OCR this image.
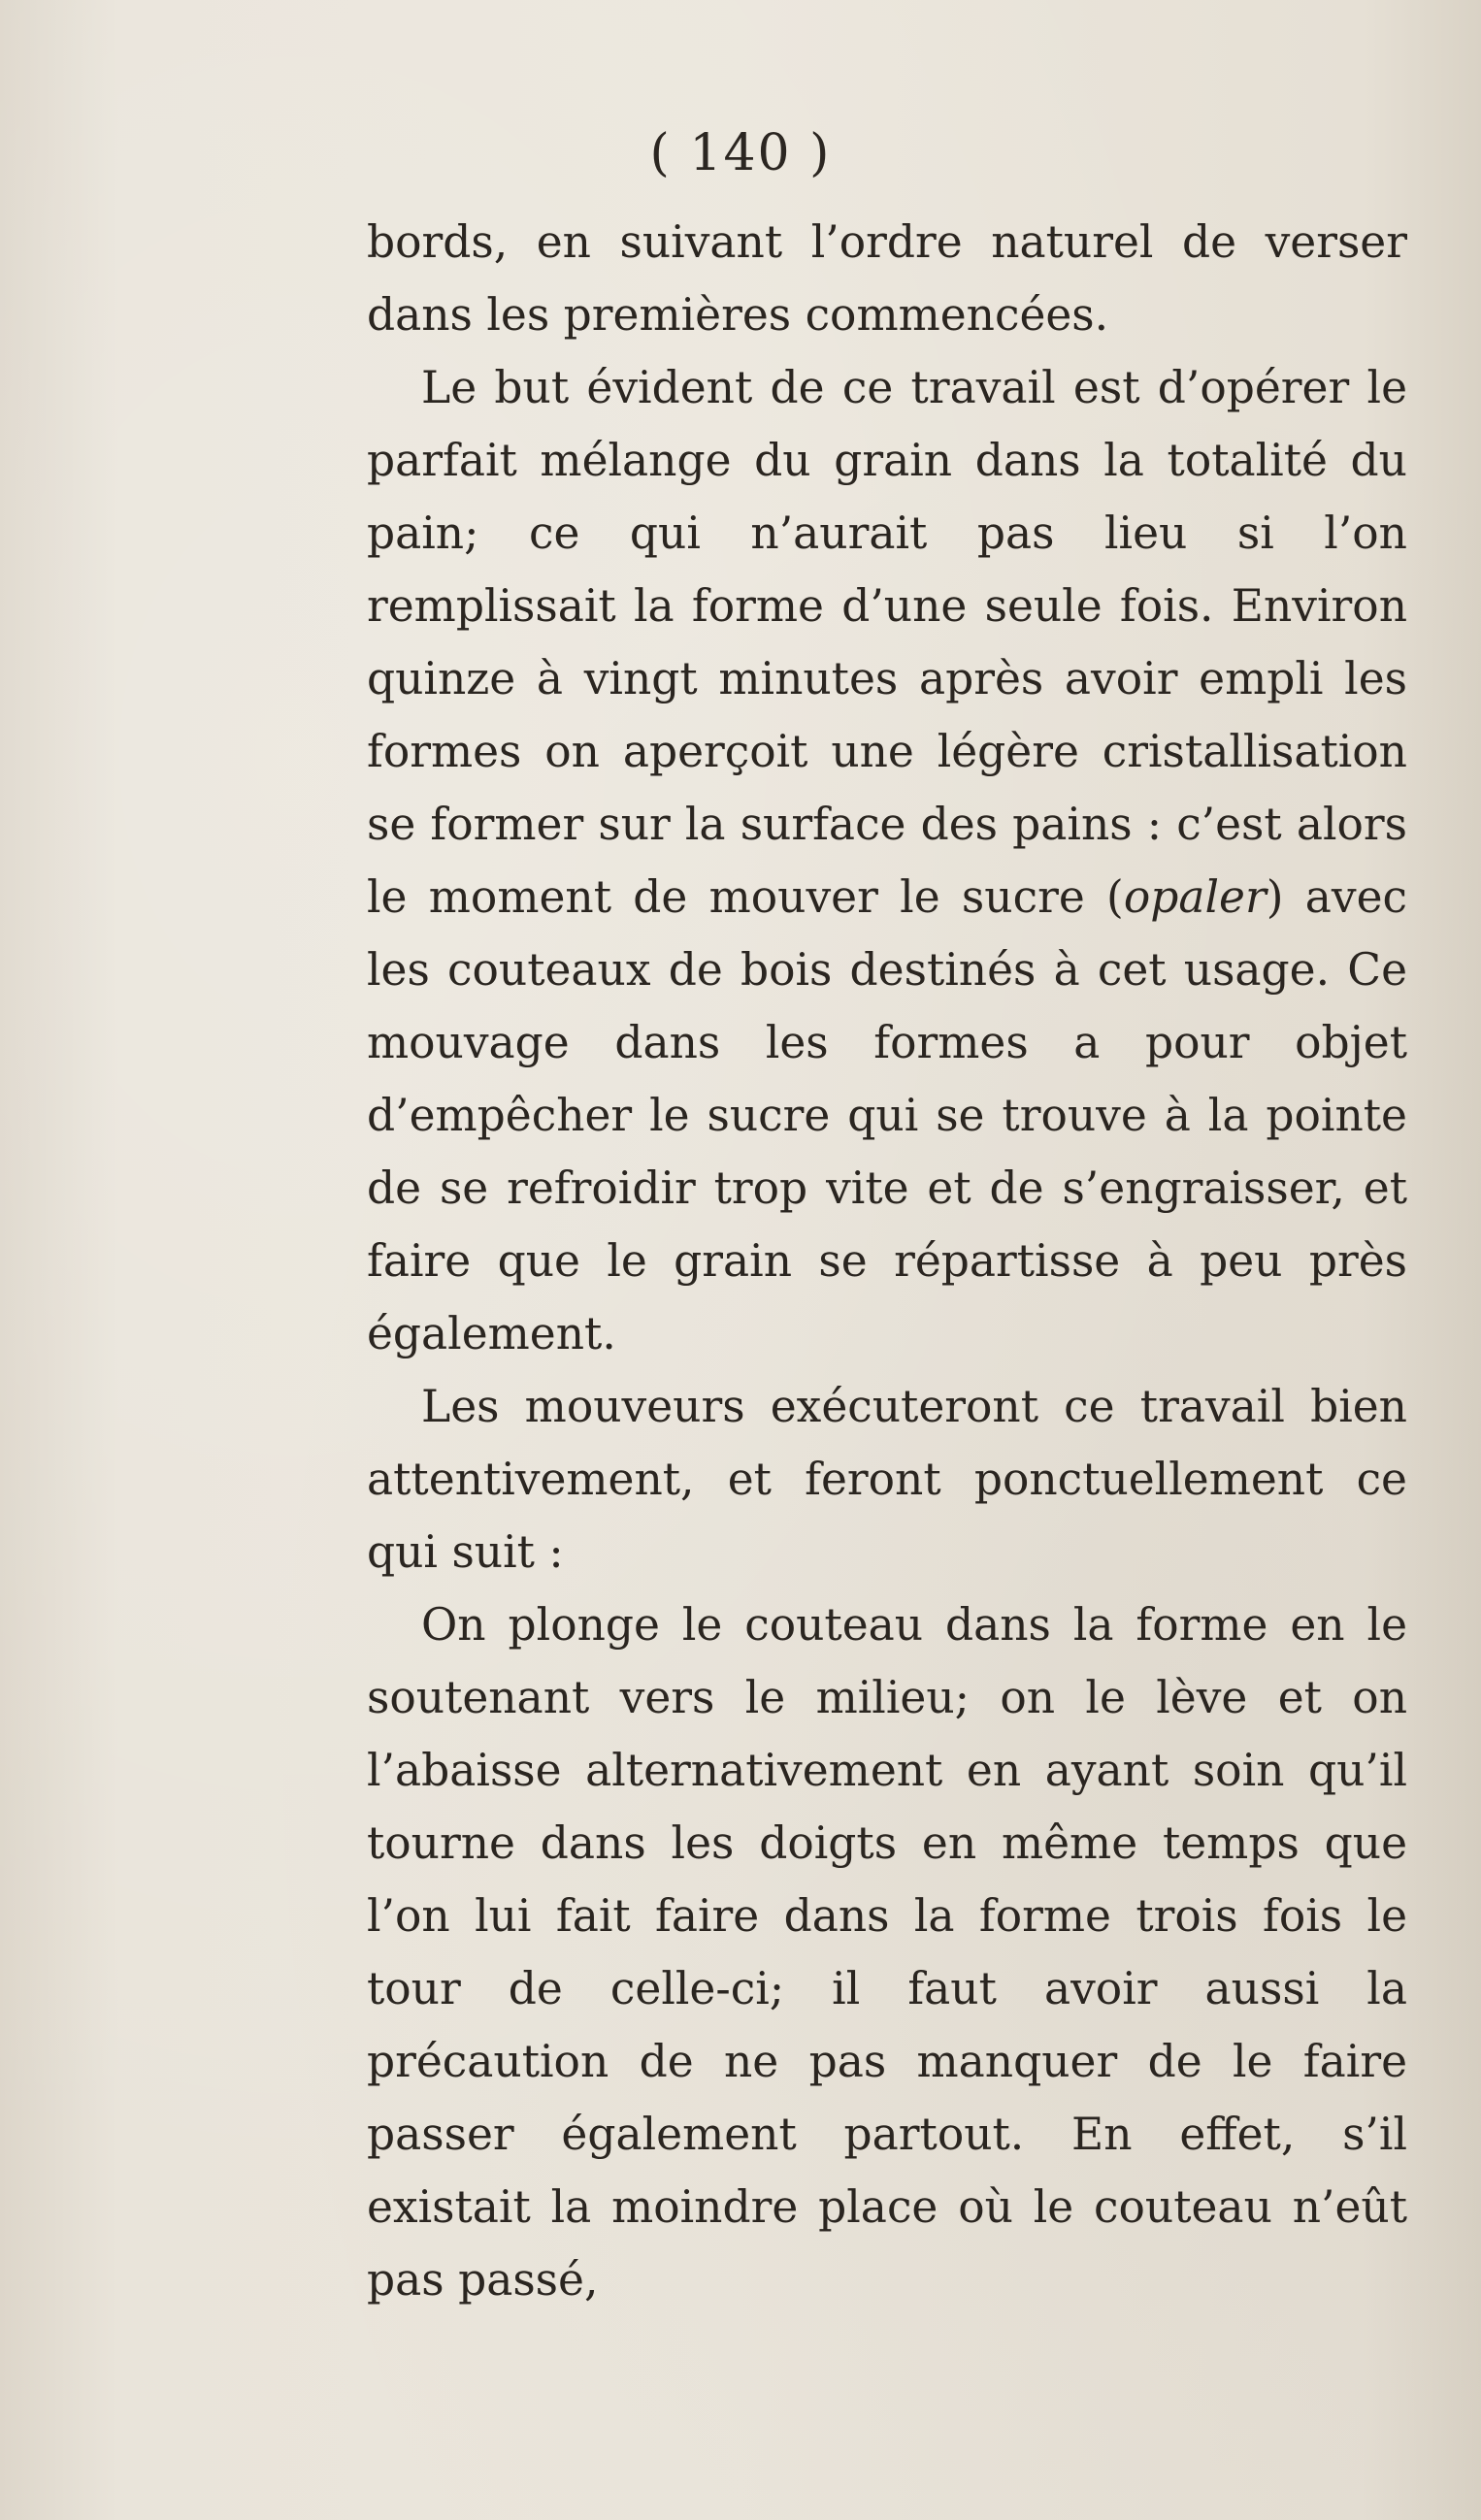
( 140 )

bords, en suivant l’ordre naturel de verser dans les premières commencées.

Le but évident de ce travail est d’opérer le parfait mélange du grain dans la totalité du pain; ce qui n’aurait pas lieu si l’on remplissait la forme d’une seule fois. Environ quinze à vingt minutes après avoir empli les formes on aperçoit une légère cristallisation se former sur la surface des pains : c’est alors le moment de mouver le sucre (opaler) avec les couteaux de bois destinés à cet usage. Ce mouvage dans les formes a pour objet d’empêcher le sucre qui se trouve à la pointe de se refroidir trop vite et de s’engraisser, et faire que le grain se répartisse à peu près également.

Les mouveurs exécuteront ce travail bien attentivement, et feront ponctuellement ce qui suit :

On plonge le couteau dans la forme en le soutenant vers le milieu; on le lève et on l’abaisse alternativement en ayant soin qu’il tourne dans les doigts en même temps que l’on lui fait faire dans la forme trois fois le tour de celle-ci; il faut avoir aussi la précaution de ne pas manquer de le faire passer également partout. En effet, s’il existait la moindre place où le couteau n’eût pas passé,
